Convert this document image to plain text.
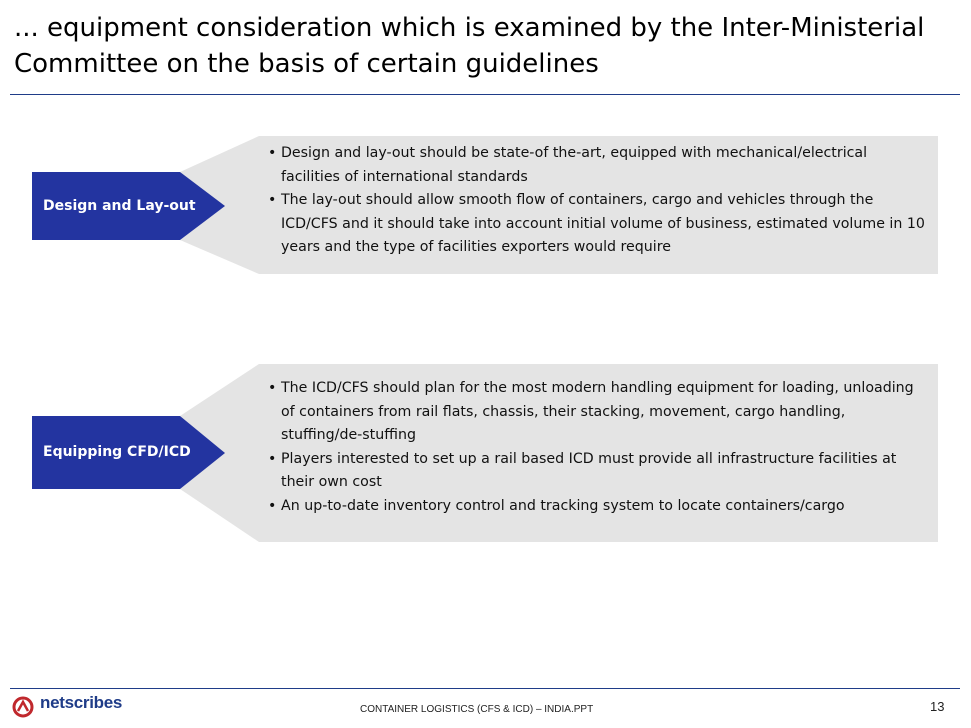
... equipment consideration which is examined by the Inter-Ministerial Committee on the basis of certain guidelines
Design and Lay-out
• Design and lay-out should be state-of the-art, equipped with mechanical/electrical facilities of international standards
• The lay-out should allow smooth flow of containers, cargo and vehicles through the ICD/CFS and it should take into account initial volume of business, estimated volume in 10 years and the type of facilities exporters would require
Equipping CFD/ICD
• The ICD/CFS should plan for the most modern handling equipment for loading, unloading of containers from rail flats, chassis, their stacking, movement, cargo handling, stuffing/de-stuffing
• Players interested to set up a rail based ICD must provide all infrastructure facilities at their own cost
• An up-to-date inventory control and tracking system to locate containers/cargo
netscribes	CONTAINER LOGISTICS (CFS & ICD) – INDIA.PPT	13
